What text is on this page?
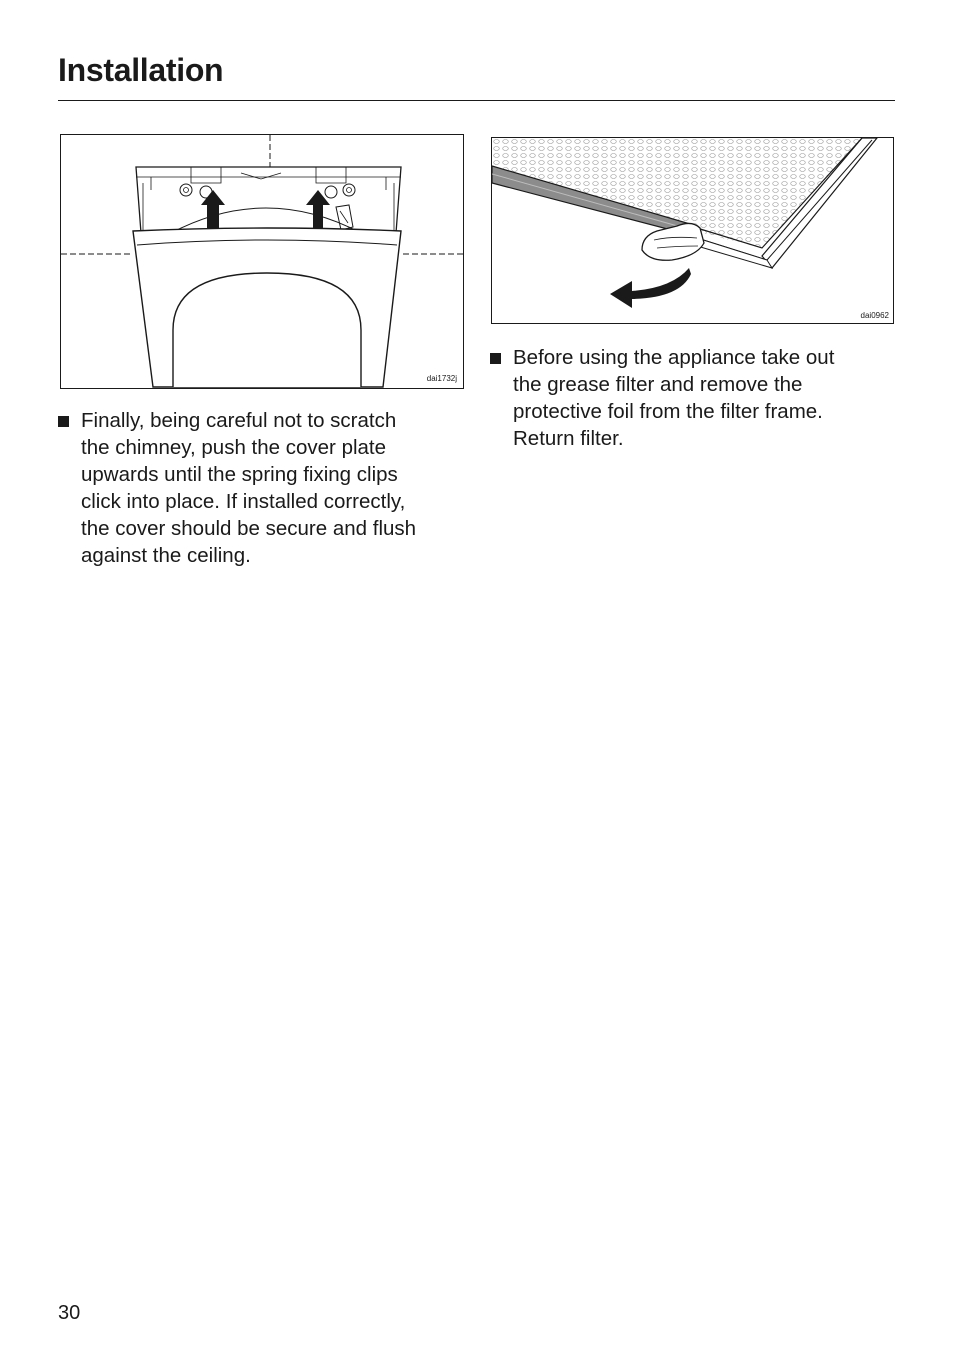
Installation
dai1732j
dai0962
Finally, being careful not to scratch
the chimney, push the cover plate
upwards until the spring fixing clips
click into place. If installed correctly,
the cover should be secure and flush
against the ceiling.
Before using the appliance take out
the grease filter and remove the
protective foil from the filter frame.
Return filter.
30
